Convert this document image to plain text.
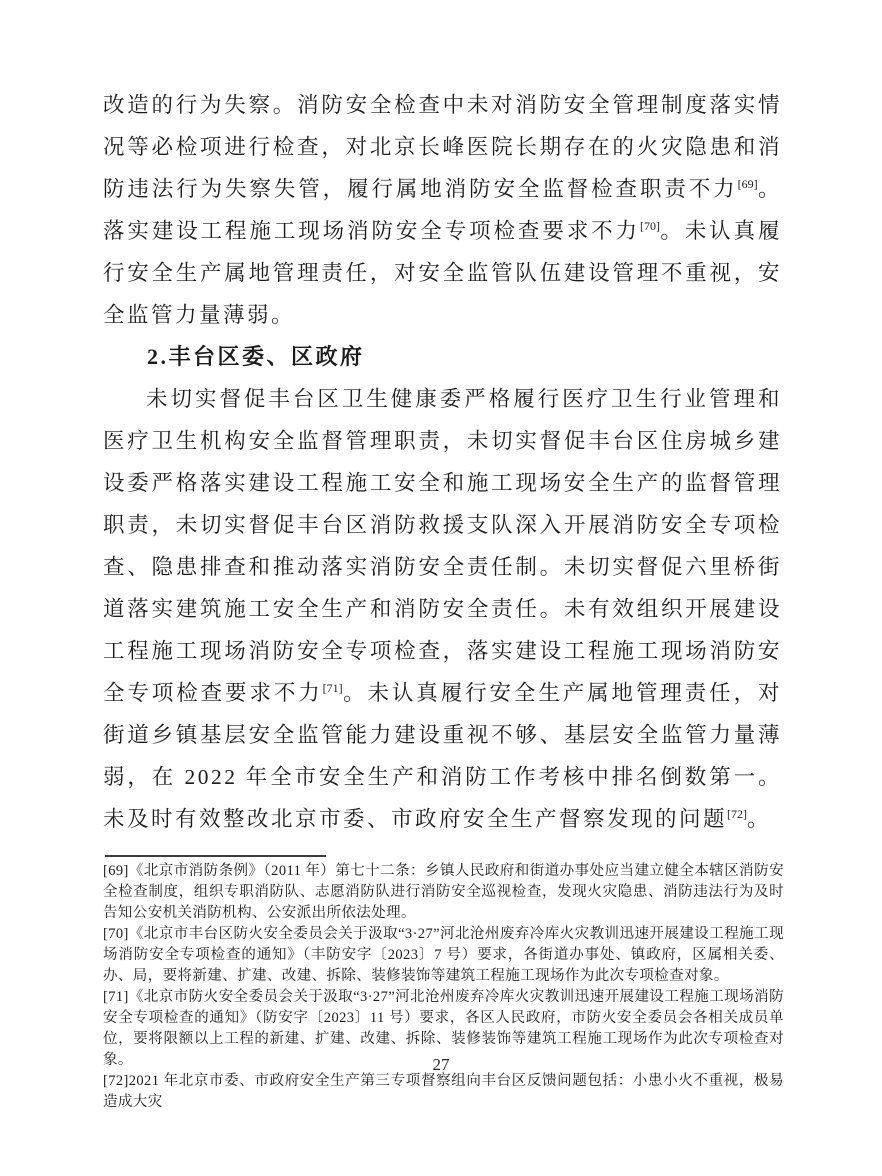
改造的行为失察。消防安全检查中未对消防安全管理制度落实情况等必检项进行检查，对北京长峰医院长期存在的火灾隐患和消防违法行为失察失管，履行属地消防安全监督检查职责不力[69]。落实建设工程施工现场消防安全专项检查要求不力[70]。未认真履行安全生产属地管理责任，对安全监管队伍建设管理不重视，安全监管力量薄弱。

2.丰台区委、区政府

未切实督促丰台区卫生健康委严格履行医疗卫生行业管理和医疗卫生机构安全监督管理职责，未切实督促丰台区住房城乡建设委严格落实建设工程施工安全和施工现场安全生产的监督管理职责，未切实督促丰台区消防救援支队深入开展消防安全专项检查、隐患排查和推动落实消防安全责任制。未切实督促六里桥街道落实建筑施工安全生产和消防安全责任。未有效组织开展建设工程施工现场消防安全专项检查，落实建设工程施工现场消防安全专项检查要求不力[71]。未认真履行安全生产属地管理责任，对街道乡镇基层安全监管能力建设重视不够、基层安全监管力量薄弱，在 2022 年全市安全生产和消防工作考核中排名倒数第一。未及时有效整改北京市委、市政府安全生产督察发现的问题[72]。

[69]《北京市消防条例》（2011 年）第七十二条：乡镇人民政府和街道办事处应当建立健全本辖区消防安全检查制度，组织专职消防队、志愿消防队进行消防安全巡视检查，发现火灾隐患、消防违法行为及时告知公安机关消防机构、公安派出所依法处理。

[70]《北京市丰台区防火安全委员会关于汲取“3·27”河北沧州废弃冷库火灾教训迅速开展建设工程施工现场消防安全专项检查的通知》（丰防安字〔2023〕7 号）要求，各街道办事处、镇政府，区属相关委、办、局，要将新建、扩建、改建、拆除、装修装饰等建筑工程施工现场作为此次专项检查对象。

[71]《北京市防火安全委员会关于汲取“3·27”河北沧州废弃冷库火灾教训迅速开展建设工程施工现场消防安全专项检查的通知》（防安字〔2023〕11 号）要求，各区人民政府，市防火安全委员会各相关成员单位，要将限额以上工程的新建、扩建、改建、拆除、装修装饰等建筑工程施工现场作为此次专项检查对象。

[72]2021 年北京市委、市政府安全生产第三专项督察组向丰台区反馈问题包括：小患小火不重视，极易造成大灾

27
